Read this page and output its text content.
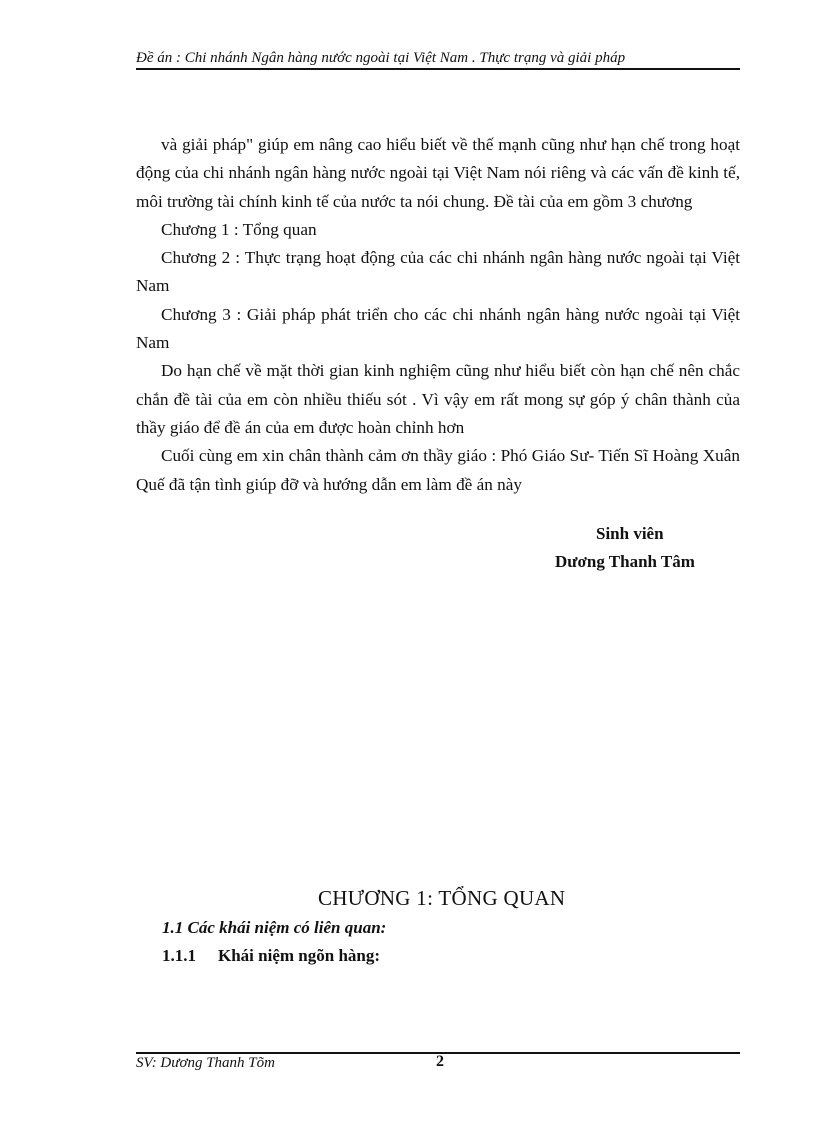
Đề án : Chi nhánh Ngân hàng nước ngoài tại Việt Nam . Thực trạng và giải pháp

và giải pháp" giúp em nâng cao hiểu biết về thế mạnh cũng như hạn chế trong hoạt động của chi nhánh ngân hàng nước ngoài tại Việt Nam nói riêng và các vấn đề kinh tế, môi trường tài chính kinh tế của nước ta nói chung. Đề tài của em gồm 3 chương

Chương 1 : Tổng quan

Chương 2 : Thực trạng hoạt động của các chi nhánh ngân hàng nước ngoài tại Việt Nam

Chương 3 : Giải pháp phát triển cho các chi nhánh ngân hàng nước ngoài tại Việt Nam

Do hạn chế về mặt thời gian kinh nghiệm cũng như hiểu biết còn hạn chế nên chắc chắn đề tài của em còn nhiều thiếu sót . Vì vậy em rất mong sự góp ý chân thành của thầy giáo để đề án của em được hoàn chỉnh hơn

Cuối cùng em xin chân thành cảm ơn thầy giáo : Phó Giáo Sư- Tiến Sĩ Hoàng Xuân Quế đã tận tình giúp đỡ và hướng dẫn em làm đề án này

Sinh viên
Dương Thanh Tâm
CHƯƠNG 1: TỔNG QUAN
1.1 Các khái niệm có liên quan:
1.1.1 Khái niệm ngõn hàng:
SV: Dương Thanh Tõm	2
